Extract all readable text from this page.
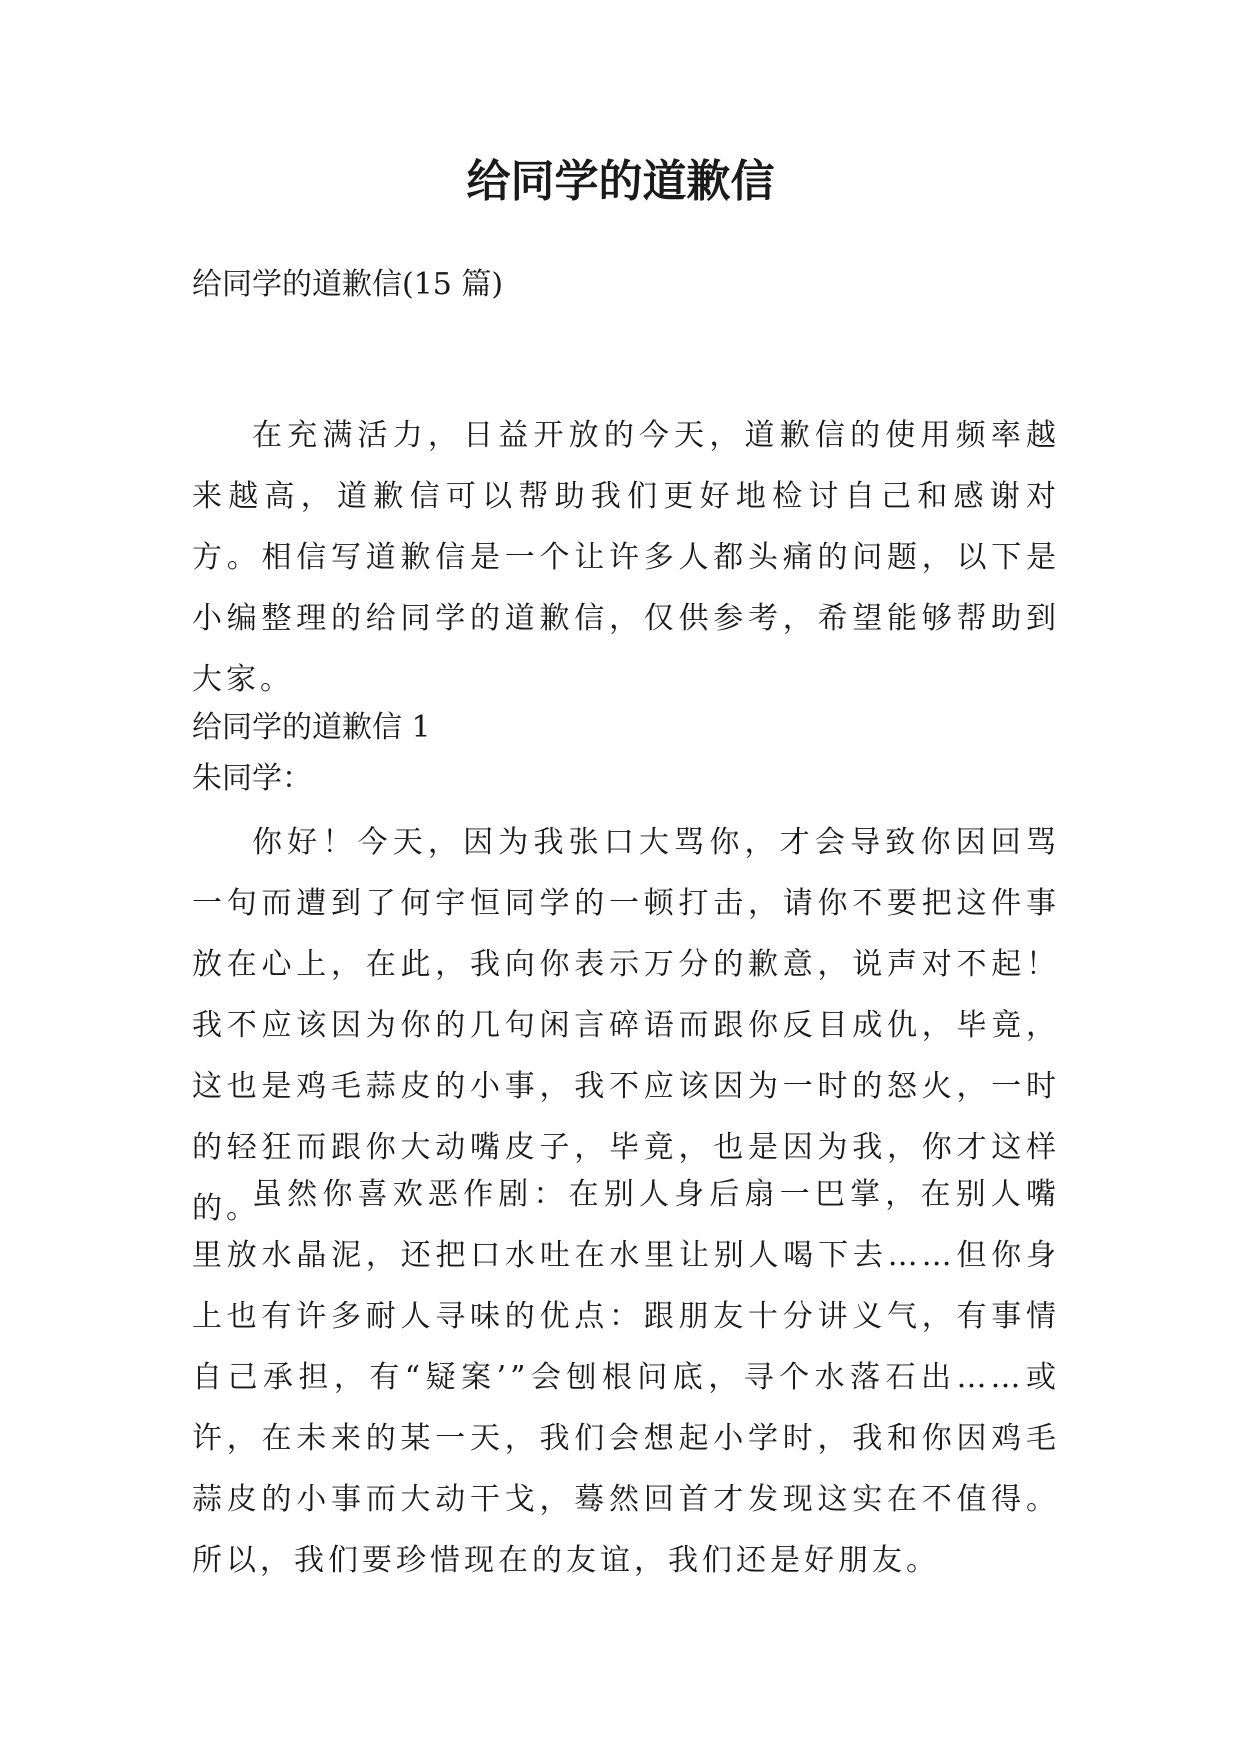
给同学的道歉信

给同学的道歉信(15 篇)

在充满活力，日益开放的今天，道歉信的使用频率越来越高，道歉信可以帮助我们更好地检讨自己和感谢对方。相信写道歉信是一个让许多人都头痛的问题，以下是小编整理的给同学的道歉信，仅供参考，希望能够帮助到大家。

给同学的道歉信 1

朱同学：

你好！今天，因为我张口大骂你，才会导致你因回骂一句而遭到了何宇恒同学的一顿打击，请你不要把这件事放在心上，在此，我向你表示万分的歉意，说声对不起！我不应该因为你的几句闲言碎语而跟你反目成仇，毕竟，这也是鸡毛蒜皮的小事，我不应该因为一时的怒火，一时的轻狂而跟你大动嘴皮子，毕竟，也是因为我，你才这样的。

虽然你喜欢恶作剧：在别人身后扇一巴掌，在别人嘴里放水晶泥，还把口水吐在水里让别人喝下去……但你身上也有许多耐人寻味的优点：跟朋友十分讲义气，有事情自己承担，有“疑案’”会刨根问底，寻个水落石出……或许，在未来的某一天，我们会想起小学时，我和你因鸡毛蒜皮的小事而大动干戈，蓦然回首才发现这实在不值得。所以，我们要珍惜现在的友谊，我们还是好朋友。
